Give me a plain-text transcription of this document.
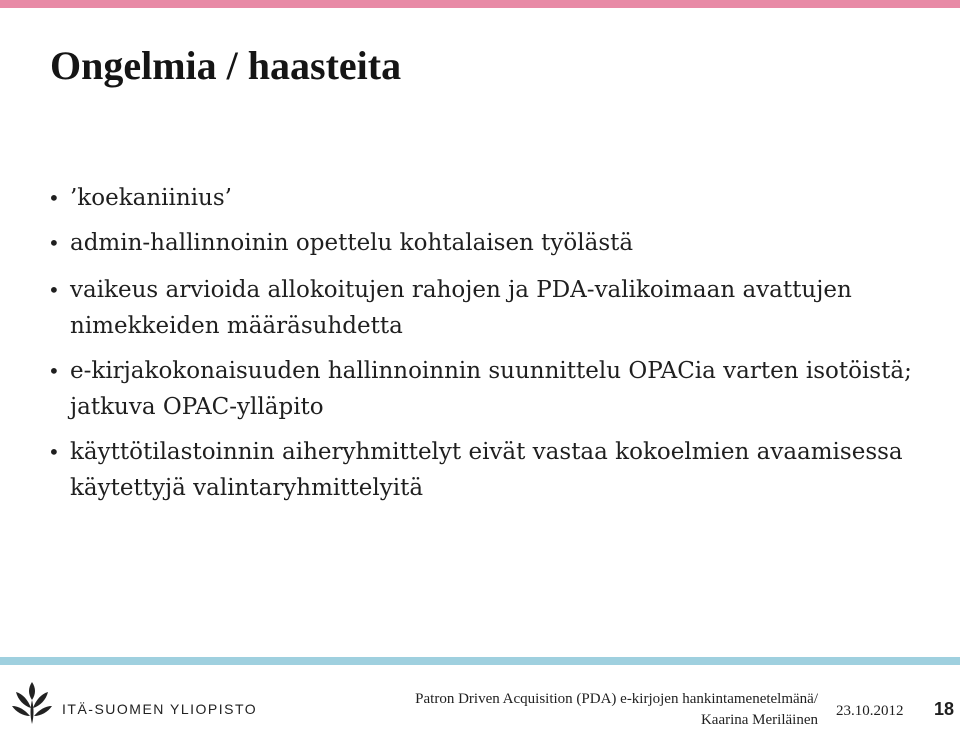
Ongelmia / haasteita
• ’koekaniinius’
• admin-hallinnoinin opettelu kohtalaisen työlästä
• vaikeus arvioida allokoitujen rahojen ja PDA-valikoimaan avattujen nimekkeiden määräsuhdetta
• e-kirjakokonaisuuden hallinnoinnin suunnittelu OPACia varten isotöistä; jatkuva OPAC-ylläpito
• käyttötilastoinnin aiheryhmittelyt eivät vastaa kokoelmien avaamisessa käytettyjä valintaryhmittelyitä
ITÄ-SUOMEN YLIOPISTO
Patron Driven Acquisition (PDA) e-kirjojen hankintamenetelmänä/
Kaarina Meriläinen
23.10.2012 18
